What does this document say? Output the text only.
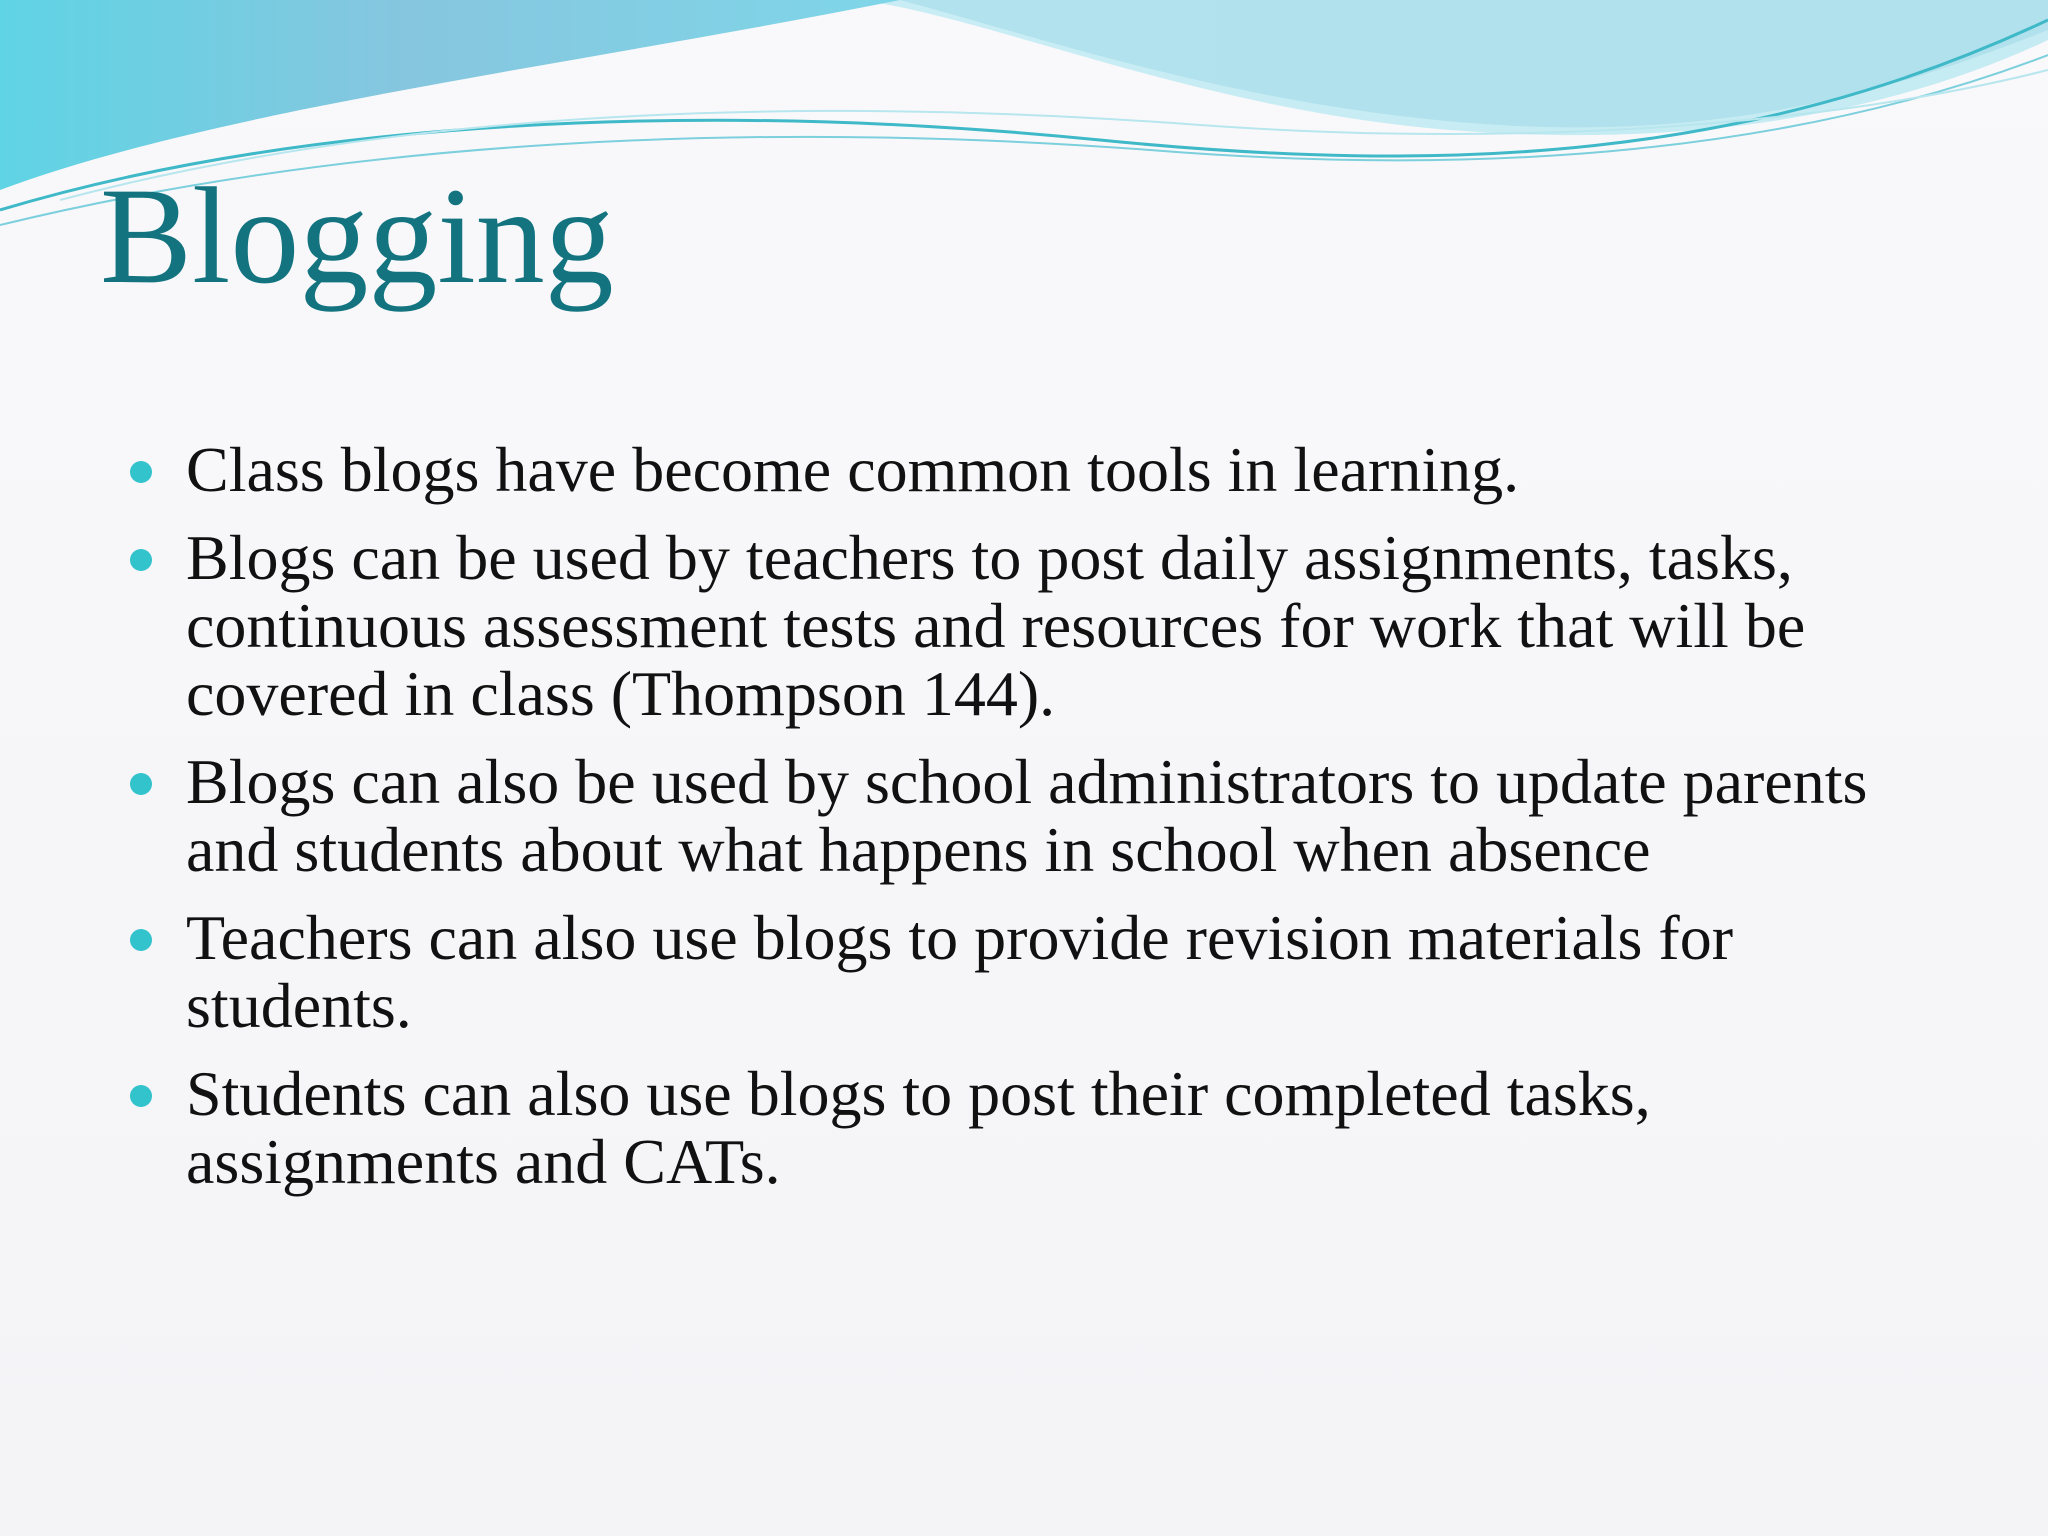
Blogging
Class blogs have become common tools in learning.
Blogs can be used by teachers to post daily assignments, tasks, continuous assessment tests and resources for work that will be covered in class (Thompson 144).
Blogs can also be used by school administrators to update parents and students about what happens in school when absence
Teachers can also use blogs to provide revision materials for students.
Students can also use blogs to post their completed tasks, assignments and CATs.
